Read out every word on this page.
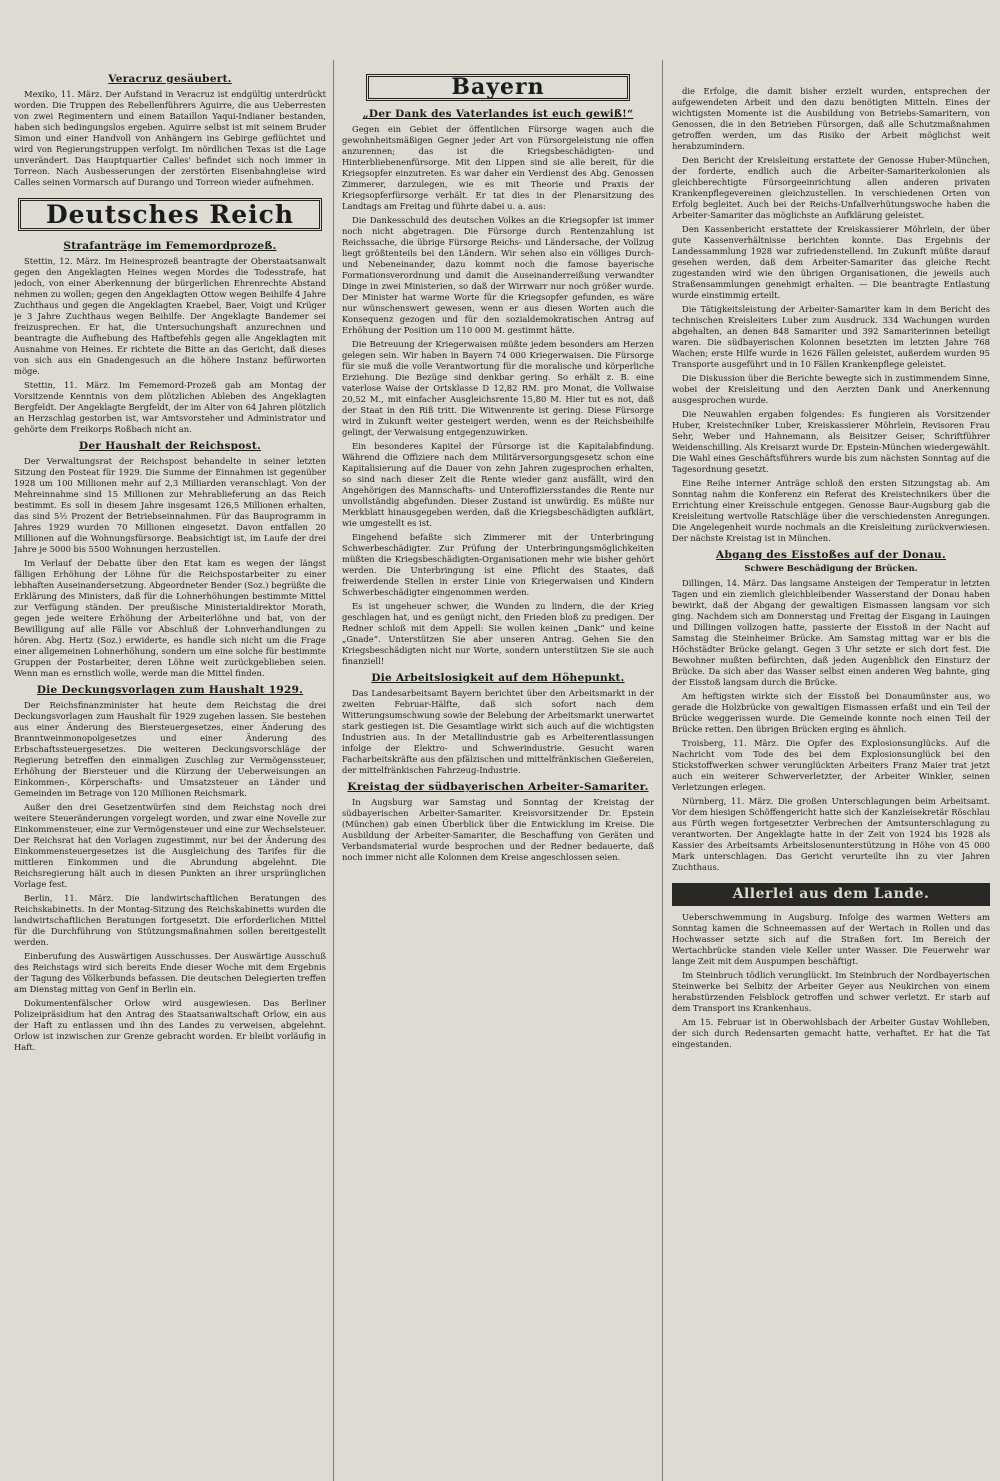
Veracruz gesäubert.

Mexiko, 11. März. Der Aufstand in Veracruz ist endgültig unterdrückt worden. Die Truppen des Rebellenführers Aguirre, die aus Ueberresten von zwei Regimentern und einem Bataillon Yaqui-Indianer bestanden, haben sich bedingungslos ergeben. Aguirre selbst ist mit seinem Bruder Simon und einer Handvoll von Anhängern ins Gebirge geflüchtet und wird von Regierungstruppen verfolgt. Im nördlichen Texas ist die Lage unverändert. Das Hauptquartier Calles' befindet sich noch immer in Torreon. Nach Ausbesserungen der zerstörten Eisenbahngleise wird Calles seinen Vormarsch auf Durango und Torreon wieder aufnehmen.

Deutsches Reich
Strafanträge im Fememordprozeß.

Stettin, 12. März. Im Heinesprozeß beantragte der Oberstaatsanwalt gegen den Angeklagten Heines wegen Mordes die Todesstrafe, hat jedoch, von einer Aberkennung der bürgerlichen Ehrenrechte Abstand nehmen zu wollen; gegen den Angeklagten Ottow wegen Beihilfe 4 Jahre Zuchthaus und gegen die Angeklagten Kraebel, Baer, Voigt und Krüger je 3 Jahre Zuchthaus wegen Beihilfe. Der Angeklagte Bandemer sei freizusprechen. Er hat, die Untersuchungshaft anzurechnen und beantragte die Aufhebung des Haftbefehls gegen alle Angeklagten mit Ausnahme von Heines. Er richtete die Bitte an das Gericht, daß dieses von sich aus ein Gnadengesuch an die höhere Instanz befürworten möge.

Stettin, 11. März. Im Fememord-Prozeß gab am Montag der Vorsitzende Kenntnis von dem plötzlichen Ableben des Angeklagten Bergfeldt. Der Angeklagte Bergfeldt, der im Alter von 64 Jahren plötzlich an Herzschlag gestorben ist, war Amtsvorsteher und Administrator und gehörte dem Freikorps Roßbach nicht an.

Der Haushalt der Reichspost.

Der Verwaltungsrat der Reichspost behandelte in seiner letzten Sitzung den Posteat für 1929. Die Summe der Einnahmen ist gegenüber 1928 um 100 Millionen mehr auf 2,3 Milliarden veranschlagt. Von der Mehreinnahme sind 15 Millionen zur Mehrablieferung an das Reich bestimmt. Es soll in diesem Jahre insgesamt 126,5 Millionen erhalten, das sind 5½ Prozent der Betriebseinnahmen. Für das Bauprogramm in Jahres 1929 wurden 70 Millionen eingesetzt. Davon entfallen 20 Millionen auf die Wohnungsfürsorge. Beabsichtigt ist, im Laufe der drei Jahre je 5000 bis 5500 Wohnungen herzustellen.

Im Verlauf der Debatte über den Etat kam es wegen der längst fälligen Erhöhung der Löhne für die Reichspostarbeiter zu einer lebhaften Auseinandersetzung. Abgeordneter Bender (Soz.) begrüßte die Erklärung des Ministers, daß für die Lohnerhöhungen bestimmte Mittel zur Verfügung ständen. Der preußische Ministerialdirektor Morath, gegen jede weitere Erhöhung der Arbeiterlöhne und bat, von der Bewilligung auf alle Fälle vor Abschluß der Lohnverhandlungen zu hören. Abg. Hertz (Soz.) erwiderte, es handle sich nicht um die Frage einer allgemeinen Lohnerhöhung, sondern um eine solche für bestimmte Gruppen der Postarbeiter, deren Löhne weit zurückgeblieben seien. Wenn man es ernstlich wolle, werde man die Mittel finden.

Die Deckungsvorlagen zum Haushalt 1929.

Der Reichsfinanzminister hat heute dem Reichstag die drei Deckungsvorlagen zum Haushalt für 1929 zugehen lassen. Sie bestehen aus einer Änderung des Biersteuergesetzes, einer Änderung des Branntweinmonopolgesetzes und einer Änderung des Erbschaftssteuergesetzes. Die weiteren Deckungsvorschläge der Regierung betreffen den einmaligen Zuschlag zur Vermögenssteuer, Erhöhung der Biersteuer und die Kürzung der Ueberweisungen an Einkommen-, Körperschafts- und Umsatzsteuer an Länder und Gemeinden im Betrage von 120 Millionen Reichsmark.

Außer den drei Gesetzentwürfen sind dem Reichstag noch drei weitere Steueränderungen vorgelegt worden, und zwar eine Novelle zur Einkommensteuer, eine zur Vermögensteuer und eine zur Wechselsteuer. Der Reichsrat hat den Vorlagen zugestimmt, nur bei der Änderung des Einkommensteuergesetzes ist die Ausgleichung des Tarifes für die mittleren Einkommen und die Abrundung abgelehnt. Die Reichsregierung hält auch in diesen Punkten an ihrer ursprünglichen Vorlage fest.

Berlin, 11. März. Die landwirtschaftlichen Beratungen des Reichskabinetts. In der Montag-Sitzung des Reichskabinetts wurden die landwirtschaftlichen Beratungen fortgesetzt. Die erforderlichen Mittel für die Durchführung von Stützungsmaßnahmen sollen bereitgestellt werden.

Einberufung des Auswärtigen Ausschusses. Der Auswärtige Ausschuß des Reichstags wird sich bereits Ende dieser Woche mit dem Ergebnis der Tagung des Völkerbunds befassen. Die deutschen Delegierten treffen am Dienstag mittag von Genf in Berlin ein.

Dokumentenfälscher Orlow wird ausgewiesen. Das Berliner Polizeipräsidium hat den Antrag des Staatsanwaltschaft Orlow, ein aus der Haft zu entlassen und ihn des Landes zu verweisen, abgelehnt. Orlow ist inzwischen zur Grenze gebracht worden. Er bleibt vorläufig in Haft.

Bayern
„Der Dank des Vaterlandes ist euch gewiß!“

Gegen ein Gebiet der öffentlichen Fürsorge wagen auch die gewohnheitsmäßigen Gegner jeder Art von Fürsorgeleistung nie offen anzurennen; das ist die Kriegsbeschädigten- und Hinterbliebenenfürsorge. Mit den Lippen sind sie alle bereit, für die Kriegsopfer einzutreten. Es war daher ein Verdienst des Abg. Genossen Zimmerer, darzulegen, wie es mit Theorie und Praxis der Kriegsopferfürsorge verhält. Er tat dies in der Plenarsitzung des Landtags am Freitag und führte dabei u. a. aus:

Die Dankesschuld des deutschen Volkes an die Kriegsopfer ist immer noch nicht abgetragen. Die Fürsorge durch Rentenzahlung ist Reichssache, die übrige Fürsorge Reichs- und Ländersache, der Vollzug liegt größtenteils bei den Ländern. Wir sehen also ein völliges Durch- und Nebeneinander, dazu kommt noch die famose bayerische Formationsverordnung und damit die Auseinanderreißung verwandter Dinge in zwei Ministerien, so daß der Wirrwarr nur noch größer wurde. Der Minister hat warme Worte für die Kriegsopfer gefunden, es wäre nur wünschenswert gewesen, wenn er aus diesen Worten auch die Konsequenz gezogen und für den sozialdemokratischen Antrag auf Erhöhung der Position um 110 000 M. gestimmt hätte.

Die Betreuung der Kriegerwaisen müßte jedem besonders am Herzen gelegen sein. Wir haben in Bayern 74 000 Kriegerwaisen. Die Fürsorge für sie muß die volle Verantwortung für die moralische und körperliche Erziehung. Die Bezüge sind denkbar gering. So erhält z. B. eine vaterlose Waise der Ortsklasse D 12,82 RM. pro Monat, die Vollwaise 20,52 M., mit einfacher Ausgleichsrente 15,80 M. Hier tut es not, daß der Staat in den Riß tritt. Die Witwenrente ist gering. Diese Fürsorge wird in Zukunft weiter gesteigert werden, wenn es der Reichsbeihilfe gelingt, der Verwaisung entgegenzuwirken.

Ein besonderes Kapitel der Fürsorge ist die Kapitalabfindung. Während die Offiziere nach dem Militärversorgungsgesetz schon eine Kapitalisierung auf die Dauer von zehn Jahren zugesprochen erhalten, so sind nach dieser Zeit die Rente wieder ganz ausfällt, wird den Angehörigen des Mannschafts- und Unteroffiziersstandes die Rente nur unvollständig abgefunden. Dieser Zustand ist unwürdig. Es müßte nur Merkblatt hinausgegeben werden, daß die Kriegsbeschädigten aufklärt, wie umgestellt es ist.

Eingehend befaßte sich Zimmerer mit der Unterbringung Schwerbeschädigter. Zur Prüfung der Unterbringungsmöglichkeiten müßten die Kriegsbeschädigten-Organisationen mehr wie bisher gehört werden. Die Unterbringung ist eine Pflicht des Staates, daß freiwerdende Stellen in erster Linie von Kriegerwaisen und Kindern Schwerbeschädigter eingenommen werden.

Es ist ungeheuer schwer, die Wunden zu lindern, die der Krieg geschlagen hat, und es genügt nicht, den Frieden bloß zu predigen. Der Redner schloß mit dem Appell: Sie wollen keinen „Dank“ und keine „Gnade“. Unterstützen Sie aber unseren Antrag. Gehen Sie den Kriegsbeschädigten nicht nur Worte, sondern unterstützen Sie sie auch finanziell!

Die Arbeitslosigkeit auf dem Höhepunkt.

Das Landesarbeitsamt Bayern berichtet über den Arbeitsmarkt in der zweiten Februar-Hälfte, daß sich sofort nach dem Witterungsumschwung sowie der Belebung der Arbeitsmarkt unerwartet stark gestiegen ist. Die Gesamtlage wirkt sich auch auf die wichtigsten Industrien aus. In der Metallindustrie gab es Arbeiterentlassungen infolge der Elektro- und Schwerindustrie. Gesucht waren Facharbeitskräfte aus den pfälzischen und mittelfränkischen Gießereien, der mittelfränkischen Fahrzeug-Industrie.

Kreistag der südbayerischen Arbeiter-Samariter.

In Augsburg war Samstag und Sonntag der Kreistag der südbayerischen Arbeiter-Samariter. Kreisvorsitzender Dr. Epstein (München) gab einen Überblick über die Entwicklung im Kreise. Die Ausbildung der Arbeiter-Samariter, die Beschaffung von Geräten und Verbandsmaterial wurde besprochen und der Redner bedauerte, daß noch immer nicht alle Kolonnen dem Kreise angeschlossen seien.

die Erfolge, die damit bisher erzielt wurden, entsprechen der aufgewendeten Arbeit und den dazu benötigten Mitteln. Eines der wichtigsten Momente ist die Ausbildung von Betriebs-Samaritern, von Genossen, die in den Betrieben Fürsorgen, daß alle Schutzmaßnahmen getroffen werden, um das Risiko der Arbeit möglichst weit herabzumindern.

Den Bericht der Kreisleitung erstattete der Genosse Huber-München, der forderte, endlich auch die Arbeiter-Samariterkolonien als gleichberechtigte Fürsorgeeinrichtung allen anderen privaten Krankenpflegevereinen gleichzustellen. In verschiedenen Orten von Erfolg begleitet. Auch bei der Reichs-Unfallverhütungswoche haben die Arbeiter-Samariter das möglichste an Aufklärung geleistet.

Den Kassenbericht erstattete der Kreiskassierer Möhrlein, der über gute Kassenverhältnisse berichten konnte. Das Ergebnis der Landessammlung 1928 war zufriedenstellend. Im Zukunft müßte darauf gesehen werden, daß dem Arbeiter-Samariter das gleiche Recht zugestanden wird wie den übrigen Organisationen, die jeweils auch Straßensammlungen genehmigt erhalten. — Die beantragte Entlastung wurde einstimmig erteilt.

Die Tätigkeitsleistung der Arbeiter-Samariter kam in dem Bericht des technischen Kreisleiters Luber zum Ausdruck. 334 Wachungen wurden abgehalten, an denen 848 Samariter und 392 Samariterinnen beteiligt waren. Die südbayerischen Kolonnen besetzten im letzten Jahre 768 Wachen; erste Hilfe wurde in 1626 Fällen geleistet, außerdem wurden 95 Transporte ausgeführt und in 10 Fällen Krankenpflege geleistet.

Die Diskussion über die Berichte bewegte sich in zustimmendem Sinne, wobei der Kreisleitung und den Aerzten Dank und Anerkennung ausgesprochen wurde.

Die Neuwahlen ergaben folgendes: Es fungieren als Vorsitzender Huber, Kreistechniker Luber, Kreiskassierer Möhrlein, Revisoren Frau Sehr, Weber und Hahnemann, als Beisitzer Geiser, Schriftführer Weidenschilling. Als Kreisarzt wurde Dr. Epstein-München wiedergewählt. Die Wahl eines Geschäftsführers wurde bis zum nächsten Sonntag auf die Tagesordnung gesetzt.

Eine Reihe interner Anträge schloß den ersten Sitzungstag ab. Am Sonntag nahm die Konferenz ein Referat des Kreistechnikers über die Errichtung einer Kreisschule entgegen. Genosse Baur-Augsburg gab die Kreisleitung wertvolle Ratschläge über die verschiedensten Anregungen. Die Angelegenheit wurde nochmals an die Kreisleitung zurückverwiesen. Der nächste Kreistag ist in München.

Abgang des Eisstoßes auf der Donau.
Schwere Beschädigung der Brücken.

Dillingen, 14. März. Das langsame Ansteigen der Temperatur in letzten Tagen und ein ziemlich gleichbleibender Wasserstand der Donau haben bewirkt, daß der Abgang der gewaltigen Eismassen langsam vor sich ging. Nachdem sich am Donnerstag und Freitag der Eisgang in Lauingen und Dillingen vollzogen hatte, passierte der Eisstoß in der Nacht auf Samstag die Steinheimer Brücke. Am Samstag mittag war er bis die Höchstädter Brücke gelangt. Gegen 3 Uhr setzte er sich dort fest. Die Bewohner mußten befürchten, daß jeden Augenblick den Einsturz der Brücke. Da sich aber das Wasser selbst einen anderen Weg bahnte, ging der Eisstoß langsam durch die Brücke.

Am heftigsten wirkte sich der Eisstoß bei Donaumünster aus, wo gerade die Holzbrücke von gewaltigen Eismassen erfaßt und ein Teil der Brücke weggerissen wurde. Die Gemeinde konnte noch einen Teil der Brücke retten. Den übrigen Brücken erging es ähnlich.

Troisberg, 11. März. Die Opfer des Explosionsunglücks. Auf die Nachricht vom Tode des bei dem Explosionsunglück bei den Stickstoffwerken schwer verunglückten Arbeiters Franz Maier trat jetzt auch ein weiterer Schwerverletzter, der Arbeiter Winkler, seinen Verletzungen erlegen.

Nürnberg, 11. März. Die großen Unterschlagungen beim Arbeitsamt. Vor dem hiesigen Schöffengericht hatte sich der Kanzleisekretär Röschlau aus Fürth wegen fortgesetzter Verbrechen der Amtsunterschlagung zu verantworten. Der Angeklagte hatte in der Zeit von 1924 bis 1928 als Kassier des Arbeitsamts Arbeitslosenunterstützung in Höhe von 45 000 Mark unterschlagen. Das Gericht verurteilte ihn zu vier Jahren Zuchthaus.

Allerlei aus dem Lande.

Ueberschwemmung in Augsburg. Infolge des warmen Wetters am Sonntag kamen die Schneemassen auf der Wertach in Rollen und das Hochwasser setzte sich auf die Straßen fort. Im Bereich der Wertachbrücke standen viele Keller unter Wasser. Die Feuerwehr war lange Zeit mit dem Auspumpen beschäftigt.

Im Steinbruch tödlich verunglückt. Im Steinbruch der Nordbayerischen Steinwerke bei Selbitz der Arbeiter Geyer aus Neukirchen von einem herabstürzenden Felsblock getroffen und schwer verletzt. Er starb auf dem Transport ins Krankenhaus.

Am 15. Februar ist in Oberwohlsbach der Arbeiter Gustav Wohlleben, der sich durch Redensarten gemacht hatte, verhaftet. Er hat die Tat eingestanden.
